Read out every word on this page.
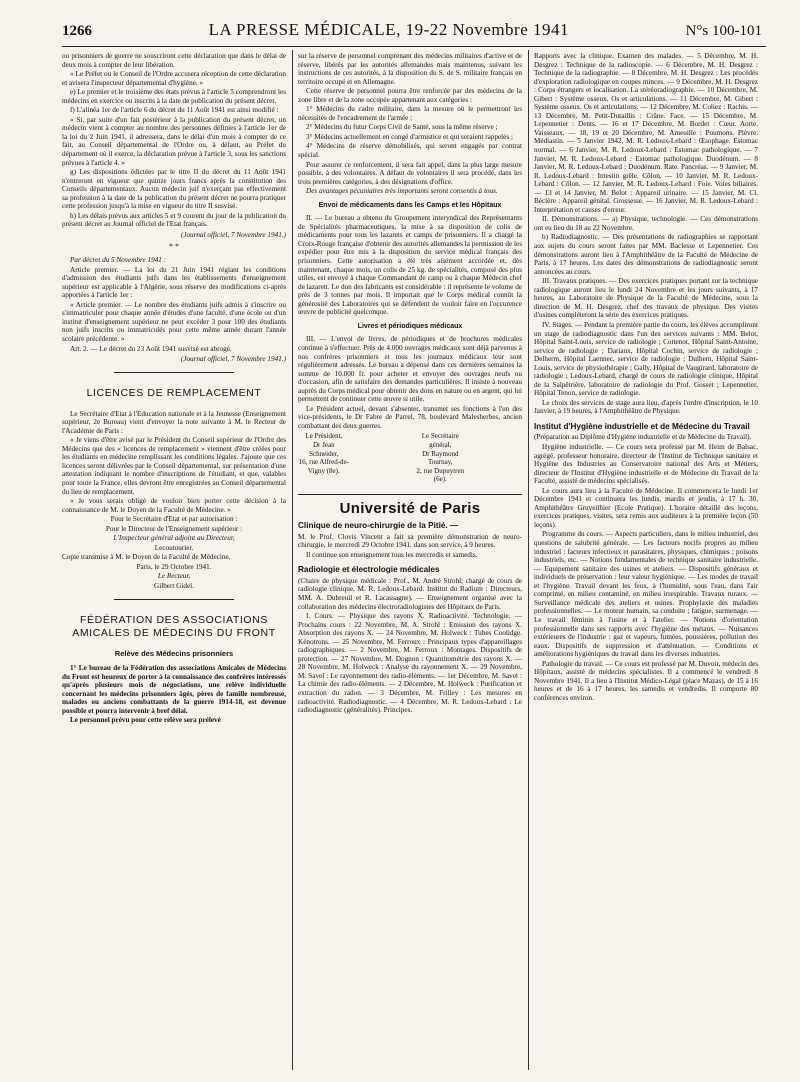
1266	LA PRESSE MÉDICALE, 19-22 Novembre 1941	N°s 100-101

ou prisonniers de guerre ne souscriront cette déclaration que dans le délai de deux mois à compter de leur libération.

« Le Préfet ou le Conseil de l'Ordre accusera réception de cette déclaration et avisera l'inspecteur départemental d'hygiène. »

e) Le premier et le troisième des états prévus à l'article 5 comprendront les médecins en exercice ou inscrits à la date de publication du présent décret.

f) L'alinéa 1er de l'article 6 du décret du 11 Août 1941 est ainsi modifié :

« Si, par suite d'un fait postérieur à la publication du présent décret, un médecin vient à compter au nombre des personnes définies à l'article 1er de la loi du 2 Juin 1941, il adressera, dans le délai d'un mois à compter de ce fait, au Conseil départemental de l'Ordre ou, à défaut, au Préfet du département où il exerce, la déclaration prévue à l'article 3, sous les sanctions prévues à l'article 4. »

g) Les dispositions édictées par le titre II du décret du 11 Août 1941 n'entreront en vigueur que quinze jours francs après la constitution des Conseils départementaux. Aucun médecin juif n'exerçant pas effectivement sa profession à la date de la publication du présent décret ne pourra pratiquer cette profession jusqu'à la mise en vigueur du titre II susvisé.

h) Les délais prévus aux articles 5 et 9 courent du jour de la publication du présent décret au Journal officiel de l'Etat français.

(Journal officiel, 7 Novembre 1941.)
* *

Par décret du 5 Novembre 1941 :

Article premier. — La loi du 21 Juin 1941 réglant les conditions d'admission des étudiants juifs dans les établissements d'enseignement supérieur est applicable à l'Algérie, sous réserve des modifications ci-après apportées à l'article 1er :

« Article premier. — Le nombre des étudiants juifs admis à s'inscrire ou s'immatriculer pour chaque année d'études d'une faculté, d'une école ou d'un institut d'enseignement supérieur ne peut excéder 3 pour 100 des étudiants non juifs inscrits ou immatriculés pour cette même année durant l'année scolaire précédente. »

Art. 2. — Le décret du 23 Août 1941 susvisé est abrogé.

(Journal officiel, 7 Novembre 1941.)
LICENCES DE REMPLACEMENT

Le Secrétaire d'Etat à l'Education nationale et à la Jeunesse (Enseignement supérieur, 2e Bureau) vient d'envoyer la note suivante à M. le Recteur de l'Académie de Paris :

« Je viens d'être avisé par le Président du Conseil supérieur de l'Ordre des Médecins que des « licences de remplacement » viennent d'être créées pour les étudiants en médecine remplissant les conditions légales. J'ajoute que ces licences seront délivrées par le Conseil départemental, sur présentation d'une attestation indiquant le nombre d'inscriptions de l'étudiant, et que, valables pour toute la France, elles devront être enregistrées au Conseil départemental du lieu de remplacement.

« Je vous serais obligé de vouloir bien porter cette décision à la connaissance de M. le Doyen de la Faculté de Médecine. »

Pour le Secrétaire d'Etat et par autorisation :

Pour le Directeur de l'Enseignement supérieur :

L'Inspecteur général adjoint au Directeur,

Lecoutourier.

Copie transmise à M. le Doyen de la Faculté de Médecine.

Paris, le 29 Octobre 1941.

Le Recteur,

Gilbert Gidel.

FÉDÉRATION DES ASSOCIATIONS AMICALES DE MÉDECINS DU FRONT
Relève des Médecins prisonniers

1° Le bureau de la Fédération des associations Amicales de Médecins du Front est heureux de porter à la connaissance des confrères intéressés qu'après plusieurs mois de négociations, une relève individuelle concernant les médecins prisonniers âgés, pères de famille nombreuse, malades ou anciens combattants de la guerre 1914-18, est devenue possible et pourra intervenir à bref délai.

Le personnel prévu pour cette relève sera prélevé

sur la réserve de personnel comprenant des médecins militaires d'active et de réserve, libérés par les autorités allemandes mais maintenus, suivant les instructions de ces autorités, à la disposition du S. de S. militaire français en territoire occupé et en Allemagne.

Cette réserve de personnel pourra être renforcée par des médecins de la zone libre et de la zone occupée appartenant aux catégories :

1° Médecins du cadre militaire, dans la mesure où le permettront les nécessités de l'encadrement de l'armée ;

2° Médecins du futur Corps Civil de Santé, sous la même réserve ;

3° Médecins actuellement en congé d'armistice et qui seraient rappelés ;

4° Médecins de réserve démobilisés, qui seront engagés par contrat spécial.

Pour assurer ce renforcement, il sera fait appel, dans la plus large mesure possible, à des volontaires. A défaut de volontaires il sera procédé, dans les trois premières catégories, à des désignations d'office.

Des avantages pécuniaires très importants seront consentis à tous.

Envoi de médicaments dans les Camps et les Hôpitaux

II. — Le bureau a obtenu du Groupement interyndical des Représentants de Spécialités pharmaceutiques, la mise à sa disposition de colis de médicaments pour tous les lazarets et camps de prisonniers. Il a chargé la Croix-Rouge française d'obtenir des autorités allemandes la permission de les expédier pour être mis à la disposition du service médical français des prisonniers. Cette autorisation a été très aisément accordée et, dès maintenant, chaque mois, un colis de 25 kg. de spécialités, composé des plus utiles, est envoyé à chaque Commandant de camp ou à chaque Médecin chef de lazarett. Le don des fabricants est considérable : il représente le volume de près de 3 tonnes par mois. Il importait que le Corps médical connût la générosité des Laboratoires qui se défendent de vouloir faire en l'occurence œuvre de publicité quelconque.

Livres et périodiques médicaux

III. — L'envoi de livres, de périodiques et de brochures médicales continue à s'effectuer. Près de 4.000 ouvrages médicaux sont déjà parvenus à nos confrères prisonniers et tous les journaux médicaux leur sont régulièrement adressés. Le bureau a dépensé dans ces dernières semaines la somme de 10.000 fr. pour acheter et envoyer des ouvrages neufs ou d'occasion, afin de satisfaire des demandes particulières. Il insiste à nouveau auprès du Corps médical pour obtenir des dons en nature ou en argent, qui lui permettent de continuer cette œuvre si utile.

Le Président actuel, devant s'absenter, transmet ses fonctions à l'un des vice-présidents, le Dr Fabre de Parrel, 78, boulevard Malesherbes, ancien combattant des deux guerres.

Le Président,
Dr Jean Schneider,
16, rue Alfred-de-Vigny (8e).
Le Secrétaire général,
Dr Raymond Tournay,
2, rue Dupuytren (6e).
Université de Paris
Clinique de neuro-chirurgie de la Pitié. —

M. le Prof. Clovis Vincent a fait sa première démonstration de neuro-chirurgie, le mercredi 29 Octobre 1941, dans son service, à 9 heures.

Il continue son enseignement tous les mercredis et samedis.

Radiologie et électrologie médicales

(Chaire de physique médicale : Prof., M. André Strohl; chargé de cours de radiologie clinique, M. R. Ledoux-Lebard. Institut du Radium : Directeurs, MM. A. Dubreuil et R. Lacassagne). — Enseignement organisé avec la collaboration des médecins électroradiologistes des Hôpitaux de Paris.

I. Cours. — Physique des rayons X. Radioactivité. Technologie. — Prochains cours : 22 Novembre, M. A. Strohl : Emission des rayons X. Absorption des rayons X. — 24 Novembre, M. Holweck : Tubes Coolidge. Kénotrons. — 25 Novembre, M. Ferroux : Principaux types d'appareillages radiographiques. — 2 Novembre, M. Ferroux : Montages. Dispositifs de protection. — 27 Novembre, M. Dognon : Quantitométrie des rayons X. — 28 Novembre, M. Holweck : Analyse du rayonnement X. — 29 Novembre, M. Savel : Le rayonnement des radio-éléments. — 1er Décembre, M. Savel : La chimie des radio-éléments. — 2 Décembre, M. Holweck : Purification et extraction du radon. — 3 Décembre, M. Frilley : Les mesures en radioactivité. Radiodiagnostic. — 4 Décembre, M. R. Ledoux-Lebard : Le radiodiagnostic (généralités). Principes.

Rapports avec la clinique. Examen des malades. — 5 Décembre, M. H. Desgrez : Technique de la radioscopie. — 6 Décembre, M. H. Desgrez : Technique de la radiographie. — 8 Décembre, M. H. Desgrez : Les procédés d'exploration radiologique en coupes minces. — 9 Décembre, M. H. Desgrez : Corps étrangers et localisation. La stéréoradiographie. — 10 Décembre, M. Gibert : Système osseux. Os et articulations. — 11 Décembre, M. Gibert : Système osseux. Os et articulations. — 12 Décembre, M. Coliez : Rachis. — 13 Décembre, M. Petit-Dutaillis : Crâne. Face. — 15 Décembre, M. Lepennetier : Dents. — 16 et 17 Décembre, M. Bordet : Cœur. Aorte. Vaisseaux. — 18, 19 et 20 Décembre, M. Ameuille : Poumons. Plèvre. Médiastin. — 5 Janvier 1942, M. R. Ledoux-Lebard : Œsophage. Estomac normal. — 6 Janvier, M. R. Ledoux-Lebard : Estomac pathologique. — 7 Janvier, M. R. Ledoux-Lebard : Estomac pathologique. Duodénum. — 8 Janvier, M. R. Ledoux-Lebard : Duodénum. Rate. Pancréas. — 9 Janvier, M. R. Ledoux-Lebard : Intestin grêle. Côlon. — 10 Janvier, M. R. Ledoux-Lebard : Côlon. — 12 Janvier, M. R. Ledoux-Lebard : Foie. Voies biliaires. — 13 et 14 Janvier, M. Belot : Appareil urinaire. — 15 Janvier, M. Cl. Béclère : Appareil génital. Grossesse. — 16 Janvier, M. R. Ledoux-Lebard : Interprétation et causes d'erreur.

II. Démonstrations. — a) Physique, technologie. — Ces démonstrations ont eu lieu du 18 au 22 Novembre.

b) Radiodiagnostic. — Des présentations de radiographies se rapportant aux sujets du cours seront faites par MM. Baclesse et Lepennetier. Ces démonstrations auront lieu à l'Amphithéâtre de la Faculté de Médecine de Paris, à 17 heures. Les dates des démonstrations de radiodiagnostic seront annoncées au cours.

III. Travaux pratiques. — Des exercices pratiques portant sur la technique radiologique auront lieu le lundi 24 Novembre et les jours suivants, à 17 heures, au Laboratoire de Physique de la Faculté de Médecine, sous la direction de M. H. Desgrez, chef des travaux de physique. Des visites d'usines compléteront la série des exercices pratiques.

IV. Stages. — Pendant la première partie du cours, les élèves accompliront un stage de radiodiagnostic dans l'un des services suivants : MM. Belot, Hôpital Saint-Louis, service de radiologie ; Cottenot, Hôpital Saint-Antoine, service de radiologie ; Dariaux, Hôpital Cochin, service de radiologie ; Delherm, Hôpital Laennec, service de radiologie ; Dulhem, Hôpital Saint-Louis, service de physiothérapie ; Gally, Hôpital de Vaugirard, laboratoire de radiologie ; Ledoux-Lebard, chargé de cours de radiologie clinique, Hôpital de la Salpêtrière, laboratoire de radiologie du Prof. Gosset ; Lepennetier, Hôpital Tenon, service de radiologie.

Le choix des services de stage aura lieu, d'après l'ordre d'inscription, le 10 Janvier, à 19 heures, à l'Amphithéâtre de Physique.

Institut d'Hygiène industrielle et de Médecine du Travail

(Préparation au Diplôme d'Hygiène industrielle et de Médecine du Travail).

Hygiène industrielle. — Ce cours sera professé par M. Heim de Balsac, agrégé, professeur honoraire, directeur de l'Institut de Technique sanitaire et Hygiène des Industries au Conservatoire national des Arts et Métiers, directeur de l'Institut d'Hygiène industrielle et de Médecine du Travail de la Faculté, assisté de médecins spécialisés.

Le cours aura lieu à la Faculté de Médecine. Il commencera le lundi 1er Décembre 1941 et continuera les lundis, mardis et jeudis, à 17 h. 30, Amphithéâtre Gruveilhier (Ecole Pratique). L'horaire détaillé des leçons, exercices pratiques, visites, sera remis aux auditeurs à la première leçon (50 leçons).

Programme du cours. — Aspects particuliers, dans le milieu industriel, des questions de salubrité générale. — Les facteurs nocifs propres au milieu industriel : facteurs infectieux et parasitaires, physiques, chimiques ; poisons industriels, etc. — Notions fondamentales de technique sanitaire industrielle. — Equipement sanitaire des usines et ateliers. — Dispositifs généraux et individuels de préservation : leur valeur hygiénique. — Les modes de travail et l'hygiène. Travail devant les feux, à l'humidité, sous l'eau, dans l'air comprimé, en milieu contaminé, en milieu irrespirable. Travaux ruraux. — Surveillance médicale des ateliers et usines. Prophylaxie des maladies professionnelles. — Le moteur humain, sa conduite ; fatigue, surmenage. — Le travail féminin à l'usine et à l'atelier. — Notions d'orientation professionnelle dans ses rapports avec l'hygiène des métaux. — Nuisances extérieures de l'industrie : gaz et vapeurs, fumées, poussières, pollution des eaux. Dispositifs de suppression et d'atténuation. — Conditions et améliorations hygiéniques du travail dans les diverses industries.

Pathologie du travail. — Ce cours est professé par M. Duvoir, médecin des Hôpitaux, assisté de médecins spécialistes. Il a commencé le vendredi 8 Novembre 1941. Il a lieu à l'Institut Médico-Légal (place Mazas), de 15 à 16 heures et de 16 à 17 heures, les samedis et vendredis. Il comporte 80 conférences environ.
